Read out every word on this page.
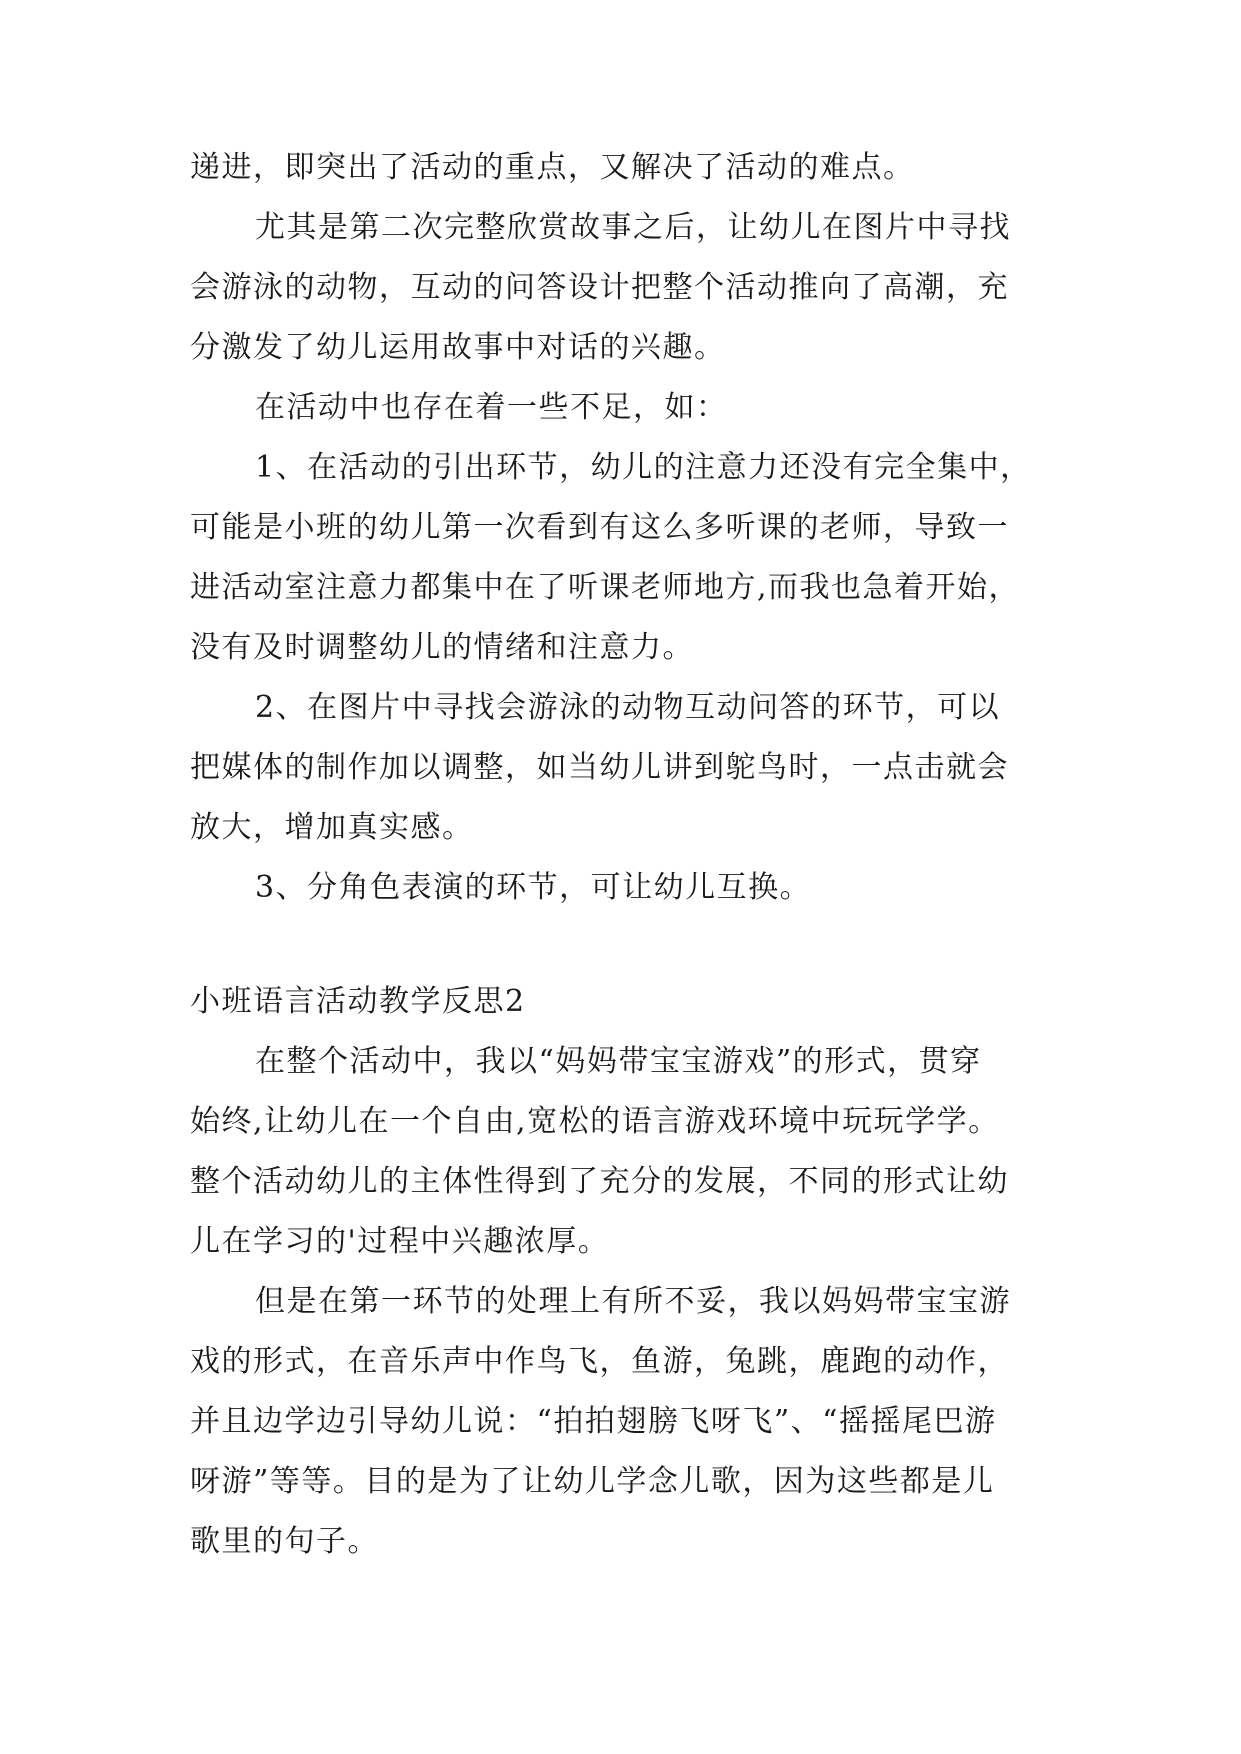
递进，即突出了活动的重点，又解决了活动的难点。
尤其是第二次完整欣赏故事之后，让幼儿在图片中寻找
会游泳的动物，互动的问答设计把整个活动推向了高潮，充
分激发了幼儿运用故事中对话的兴趣。
在活动中也存在着一些不足，如：
1、在活动的引出环节，幼儿的注意力还没有完全集中，
可能是小班的幼儿第一次看到有这么多听课的老师，导致一
进活动室注意力都集中在了听课老师地方,而我也急着开始，
没有及时调整幼儿的情绪和注意力。
2、在图片中寻找会游泳的动物互动问答的环节，可以
把媒体的制作加以调整，如当幼儿讲到鸵鸟时，一点击就会
放大，增加真实感。
3、分角色表演的环节，可让幼儿互换。
小班语言活动教学反思2
在整个活动中，我以“妈妈带宝宝游戏”的形式，贯穿
始终,让幼儿在一个自由,宽松的语言游戏环境中玩玩学学。
整个活动幼儿的主体性得到了充分的发展，不同的形式让幼
儿在学习的'过程中兴趣浓厚。
但是在第一环节的处理上有所不妥，我以妈妈带宝宝游
戏的形式，在音乐声中作鸟飞，鱼游，兔跳，鹿跑的动作，
并且边学边引导幼儿说：“拍拍翅膀飞呀飞”、“摇摇尾巴游
呀游”等等。目的是为了让幼儿学念儿歌，因为这些都是儿
歌里的句子。
